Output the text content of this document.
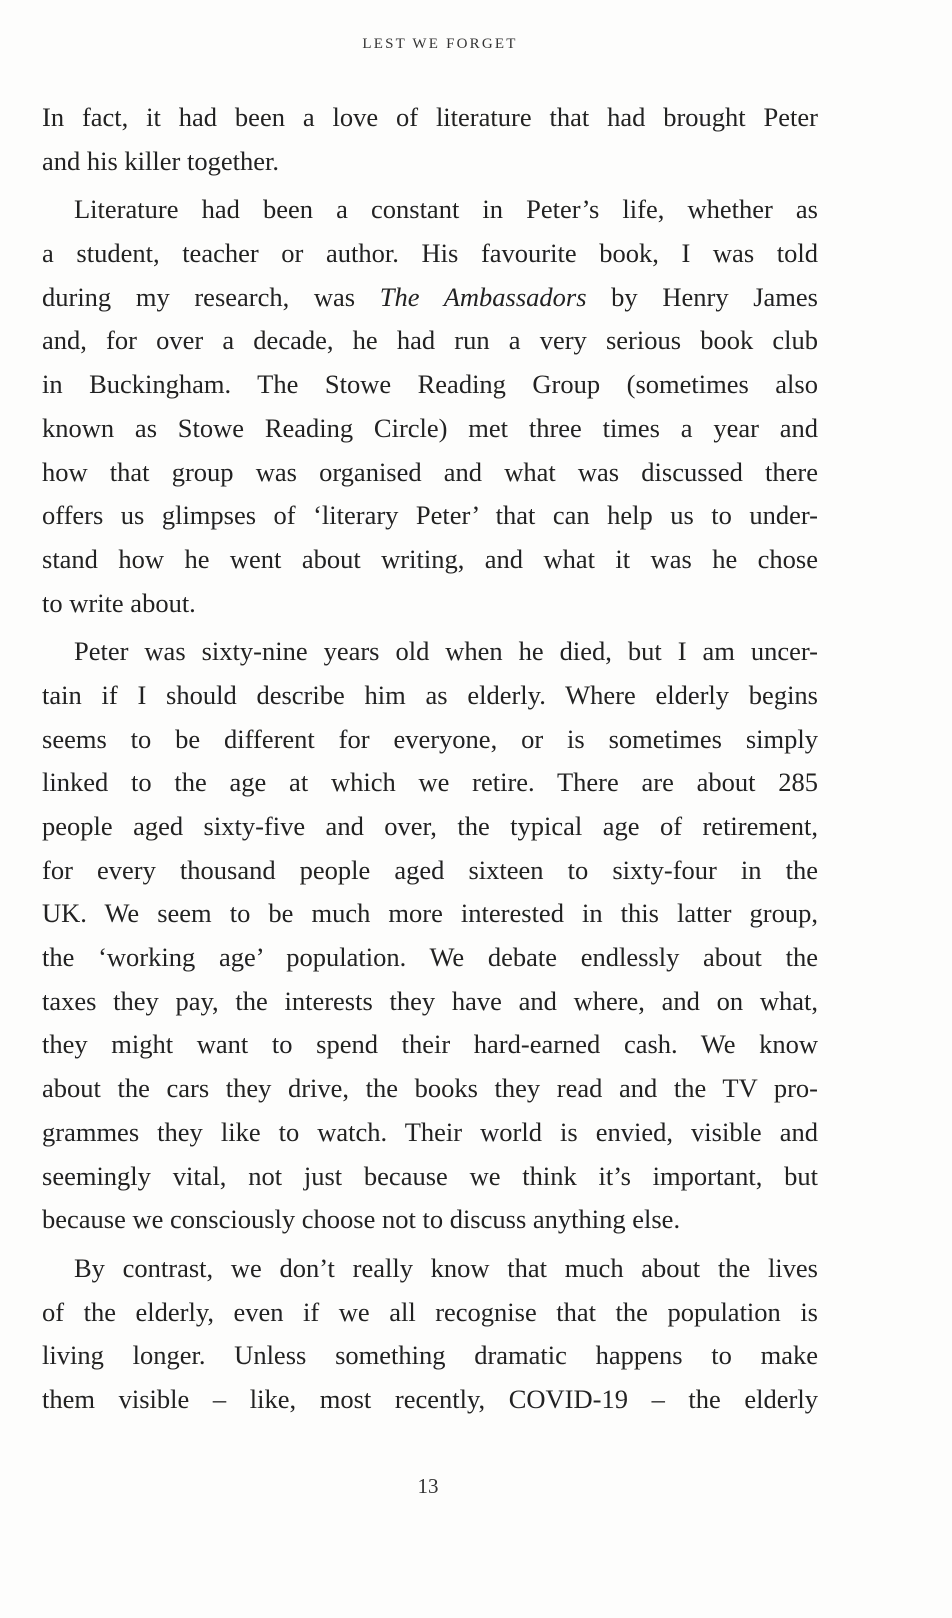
LEST WE FORGET
In fact, it had been a love of literature that had brought Peter
and his killer together.
Literature had been a constant in Peter’s life, whether as
a student, teacher or author. His favourite book, I was told
during my research, was The Ambassadors by Henry James
and, for over a decade, he had run a very serious book club
in Buckingham. The Stowe Reading Group (sometimes also
known as Stowe Reading Circle) met three times a year and
how that group was organised and what was discussed there
offers us glimpses of ‘literary Peter’ that can help us to under-
stand how he went about writing, and what it was he chose
to write about.
Peter was sixty-nine years old when he died, but I am uncer-
tain if I should describe him as elderly. Where elderly begins
seems to be different for everyone, or is sometimes simply
linked to the age at which we retire. There are about 285
people aged sixty-five and over, the typical age of retirement,
for every thousand people aged sixteen to sixty-four in the
UK. We seem to be much more interested in this latter group,
the ‘working age’ population. We debate endlessly about the
taxes they pay, the interests they have and where, and on what,
they might want to spend their hard-earned cash. We know
about the cars they drive, the books they read and the TV pro-
grammes they like to watch. Their world is envied, visible and
seemingly vital, not just because we think it’s important, but
because we consciously choose not to discuss anything else.
By contrast, we don’t really know that much about the lives
of the elderly, even if we all recognise that the population is
living longer. Unless something dramatic happens to make
them visible – like, most recently, COVID-19 – the elderly
13
